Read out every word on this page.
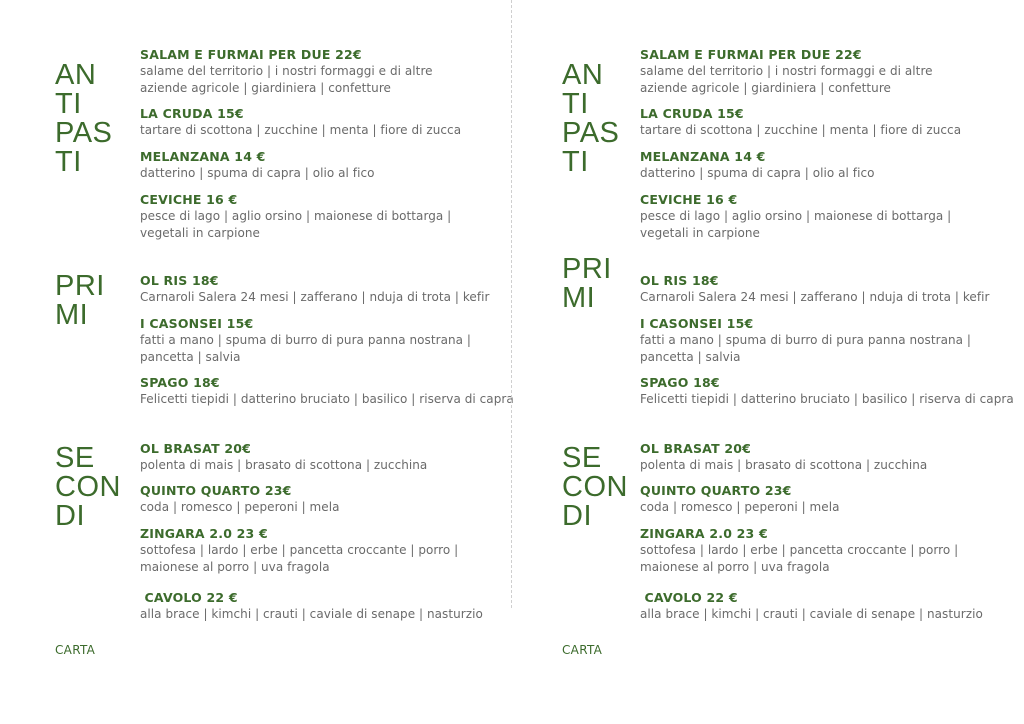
AN
TI
PAS
TI
PRI
MI
SE
CON
DI
SALAM E FURMAI PER DUE 22€
salame del territorio | i nostri formaggi e di altre
aziende agricole | giardiniera | confetture
LA CRUDA 15€
tartare di scottona | zucchine | menta | fiore di zucca
MELANZANA 14 €
datterino | spuma di capra | olio al fico
CEVICHE 16 €
pesce di lago | aglio orsino | maionese di bottarga |
vegetali in carpione
OL RIS 18€
Carnaroli Salera 24 mesi | zafferano | nduja di trota | kefir
I CASONSEI 15€
fatti a mano | spuma di burro di pura panna nostrana |
pancetta | salvia
SPAGO 18€
Felicetti tiepidi | datterino bruciato | basilico | riserva di capra
OL BRASAT 20€
polenta di mais | brasato di scottona | zucchina
QUINTO QUARTO 23€
coda | romesco | peperoni | mela
ZINGARA 2.0 23 €
sottofesa | lardo | erbe | pancetta croccante | porro |
maionese al porro | uva fragola
CAVOLO 22 €
alla brace | kimchi | crauti | caviale di senape | nasturzio
CARTA
AN
TI
PAS
TI
PRI
MI
SE
CON
DI
SALAM E FURMAI PER DUE 22€
salame del territorio | i nostri formaggi e di altre
aziende agricole | giardiniera | confetture
LA CRUDA 15€
tartare di scottona | zucchine | menta | fiore di zucca
MELANZANA 14 €
datterino | spuma di capra | olio al fico
CEVICHE 16 €
pesce di lago | aglio orsino | maionese di bottarga |
vegetali in carpione
OL RIS 18€
Carnaroli Salera 24 mesi | zafferano | nduja di trota | kefir
I CASONSEI 15€
fatti a mano | spuma di burro di pura panna nostrana |
pancetta | salvia
SPAGO 18€
Felicetti tiepidi | datterino bruciato | basilico | riserva di capra
OL BRASAT 20€
polenta di mais | brasato di scottona | zucchina
QUINTO QUARTO 23€
coda | romesco | peperoni | mela
ZINGARA 2.0 23 €
sottofesa | lardo | erbe | pancetta croccante | porro |
maionese al porro | uva fragola
CAVOLO 22 €
alla brace | kimchi | crauti | caviale di senape | nasturzio
CARTA
